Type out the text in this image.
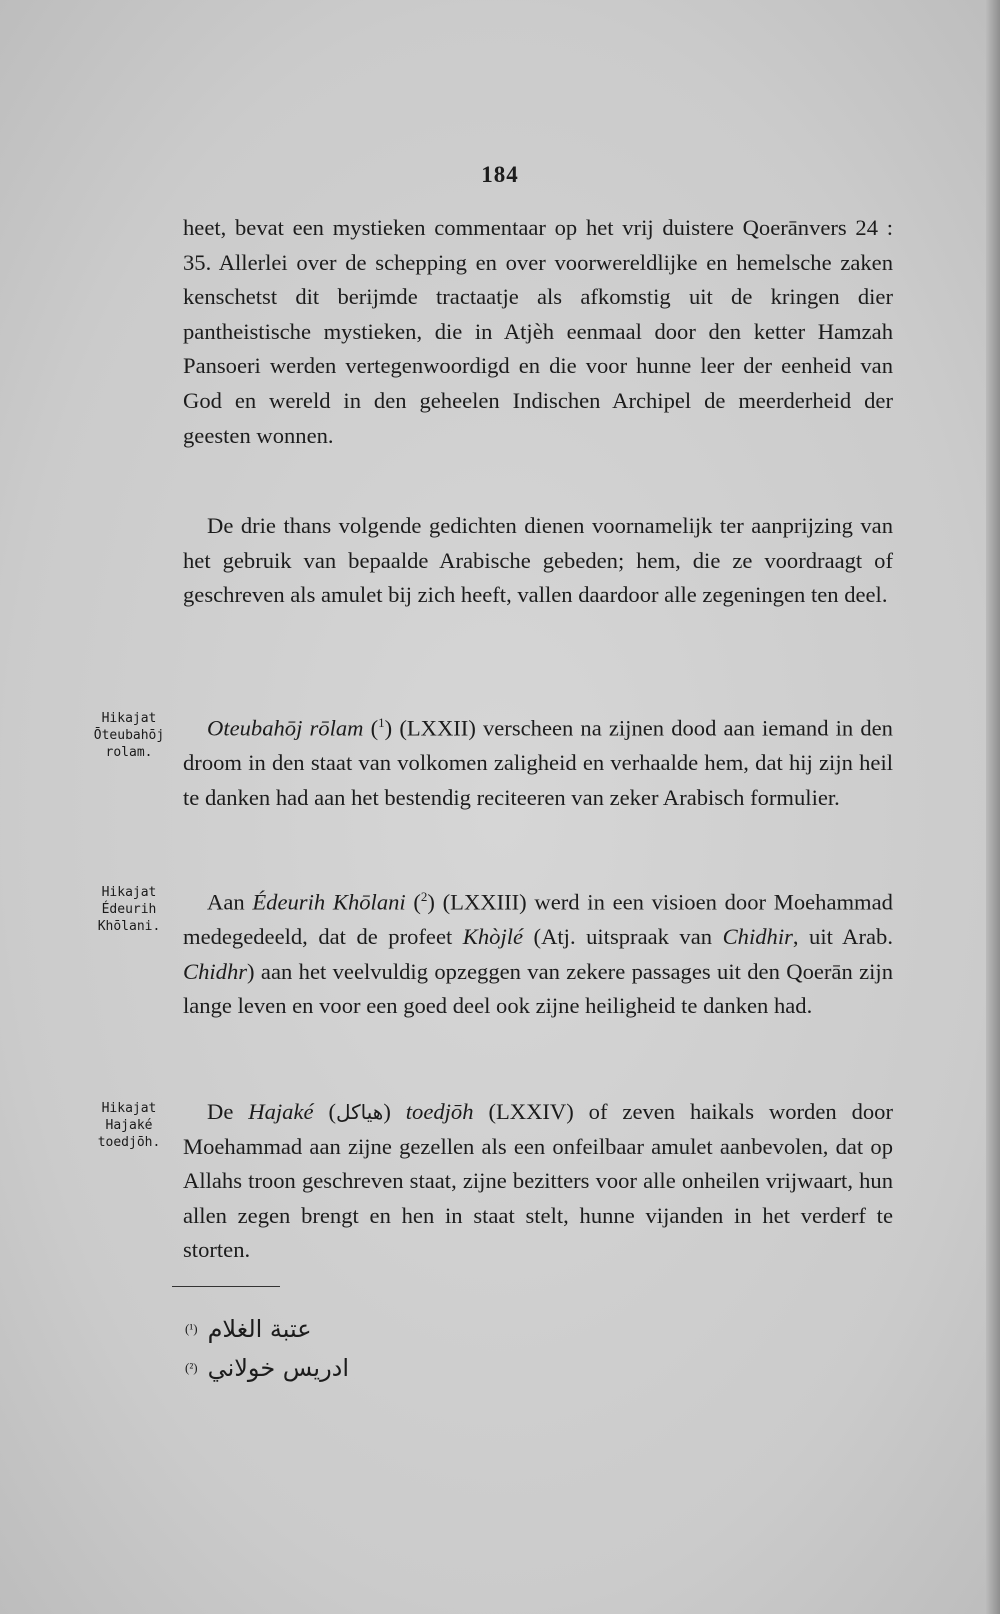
184

heet, bevat een mystieken commentaar op het vrij duistere Qoerānvers 24 : 35. Allerlei over de schepping en over voorwereldlijke en hemelsche zaken kenschetst dit berijmde tractaatje als afkomstig uit de kringen dier pantheistische mystieken, die in Atjèh eenmaal door den ketter Hamzah Pansoeri werden vertegenwoordigd en die voor hunne leer der eenheid van God en wereld in den geheelen Indischen Archipel de meerderheid der geesten wonnen.

De drie thans volgende gedichten dienen voornamelijk ter aanprijzing van het gebruik van bepaalde Arabische gebeden; hem, die ze voordraagt of geschreven als amulet bij zich heeft, vallen daardoor alle zegeningen ten deel.

Hikajat
Ōteubahōj
rolam.

Oteubahōj rōlam ($^1$) (LXXII) verscheen na zijnen dood aan iemand in den droom in den staat van volkomen zaligheid en verhaalde hem, dat hij zijn heil te danken had aan het bestendig reciteeren van zeker Arabisch formulier.

Hikajat
Édeurih
Khōlani.

Aan Édeurih Khōlani ($^2$) (LXXIII) werd in een visioen door Moehammad medegedeeld, dat de profeet Khòjlé (Atj. uitspraak van Chidhir, uit Arab. Chidhr) aan het veelvuldig opzeggen van zekere passages uit den Qoerān zijn lange leven en voor een goed deel ook zijne heiligheid te danken had.

Hikajat
Hajaké
toedjōh.

De Hajaké (هياكل) toedjōh (LXXIV) of zeven haikals worden door Moehammad aan zijne gezellen als een onfeilbaar amulet aanbevolen, dat op Allahs troon geschreven staat, zijne bezitters voor alle onheilen vrijwaart, hun allen zegen brengt en hen in staat stelt, hunne vijanden in het verderf te storten.

(¹) عتبة الغلام
(²) ادريس خولاني
